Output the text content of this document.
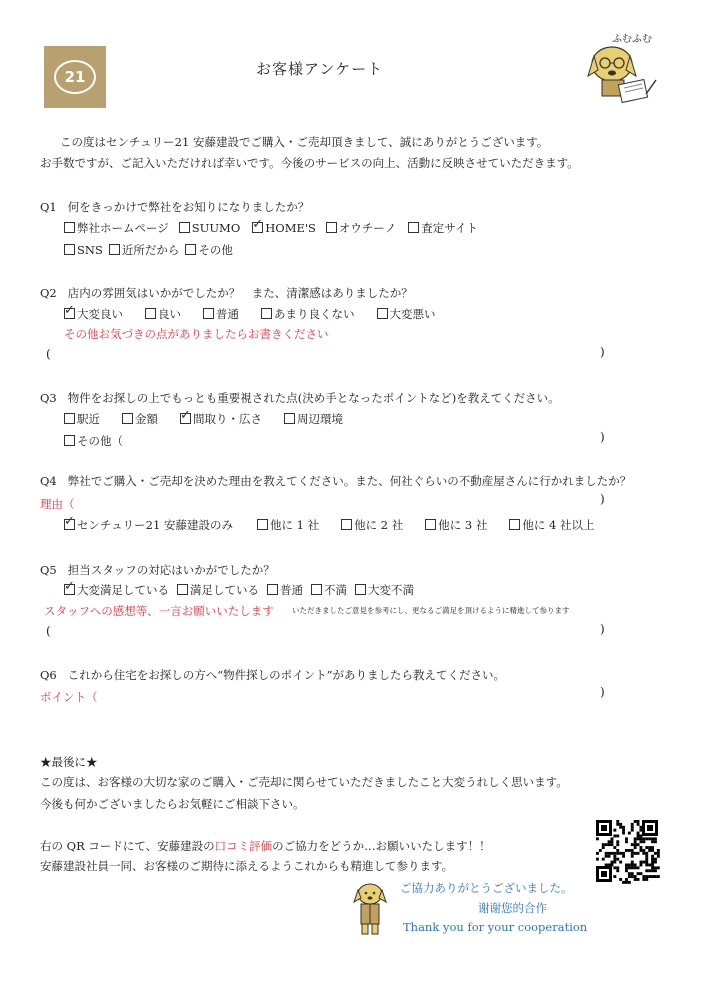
21	お客様アンケート
ふむふむ
この度はセンチュリー21 安藤建設でご購入・ご売却頂きまして、誠にありがとうございます。
お手数ですが、ご記入いただければ幸いです。今後のサービスの向上、活動に反映させていただきます。
Q1 何をきっかけで弊社をお知りになりましたか？
弊社ホームページ SUUMO ✓ HOME'S オウチーノ 査定サイト
SNS 近所だから その他
Q2 店内の雰囲気はいかがでしたか？　また、清潔感はありましたか？
✓大変良い	良い	普通	あまり良くない	大変悪い
その他お気づきの点がありましたらお書きください
(	)
Q3 物件をお探しの上でもっとも重要視された点(決め手となったポイントなど)を教えてください。
駅近	金額 ✓	間取り・広さ	周辺環境
その他（	)
Q4 弊社でご購入・ご売却を決めた理由を教えてください。また、何社ぐらいの不動産屋さんに行かれましたか？
理由（	)
✓センチュリー21 安藤建設のみ	他に 1 社	他に 2 社	他に 3 社	他に 4 社以上
Q5 担当スタッフの対応はいかがでしたか？
✓大変満足している 満足している 普通 不満 大変不満
スタッフへの感想等、一言お願いいたします いただきましたご意見を参考にし、更なるご満足を頂けるように精進して参ります
(	)
Q6 これから住宅をお探しの方へ“物件探しのポイント”がありましたら教えてください。
ポイント（	)
★最後に★
この度は、お客様の大切な家のご購入・ご売却に関らせていただきましたこと大変うれしく思います。
今後も何かございましたらお気軽にご相談下さい。
右の QR コードにて、安藤建設の口コミ評価のご協力をどうか…お願いいたします！！
安藤建設社員一同、お客様のご期待に添えるようこれからも精進して参ります。
ご協力ありがとうございました。
谢谢您的合作
Thank you for your cooperation
